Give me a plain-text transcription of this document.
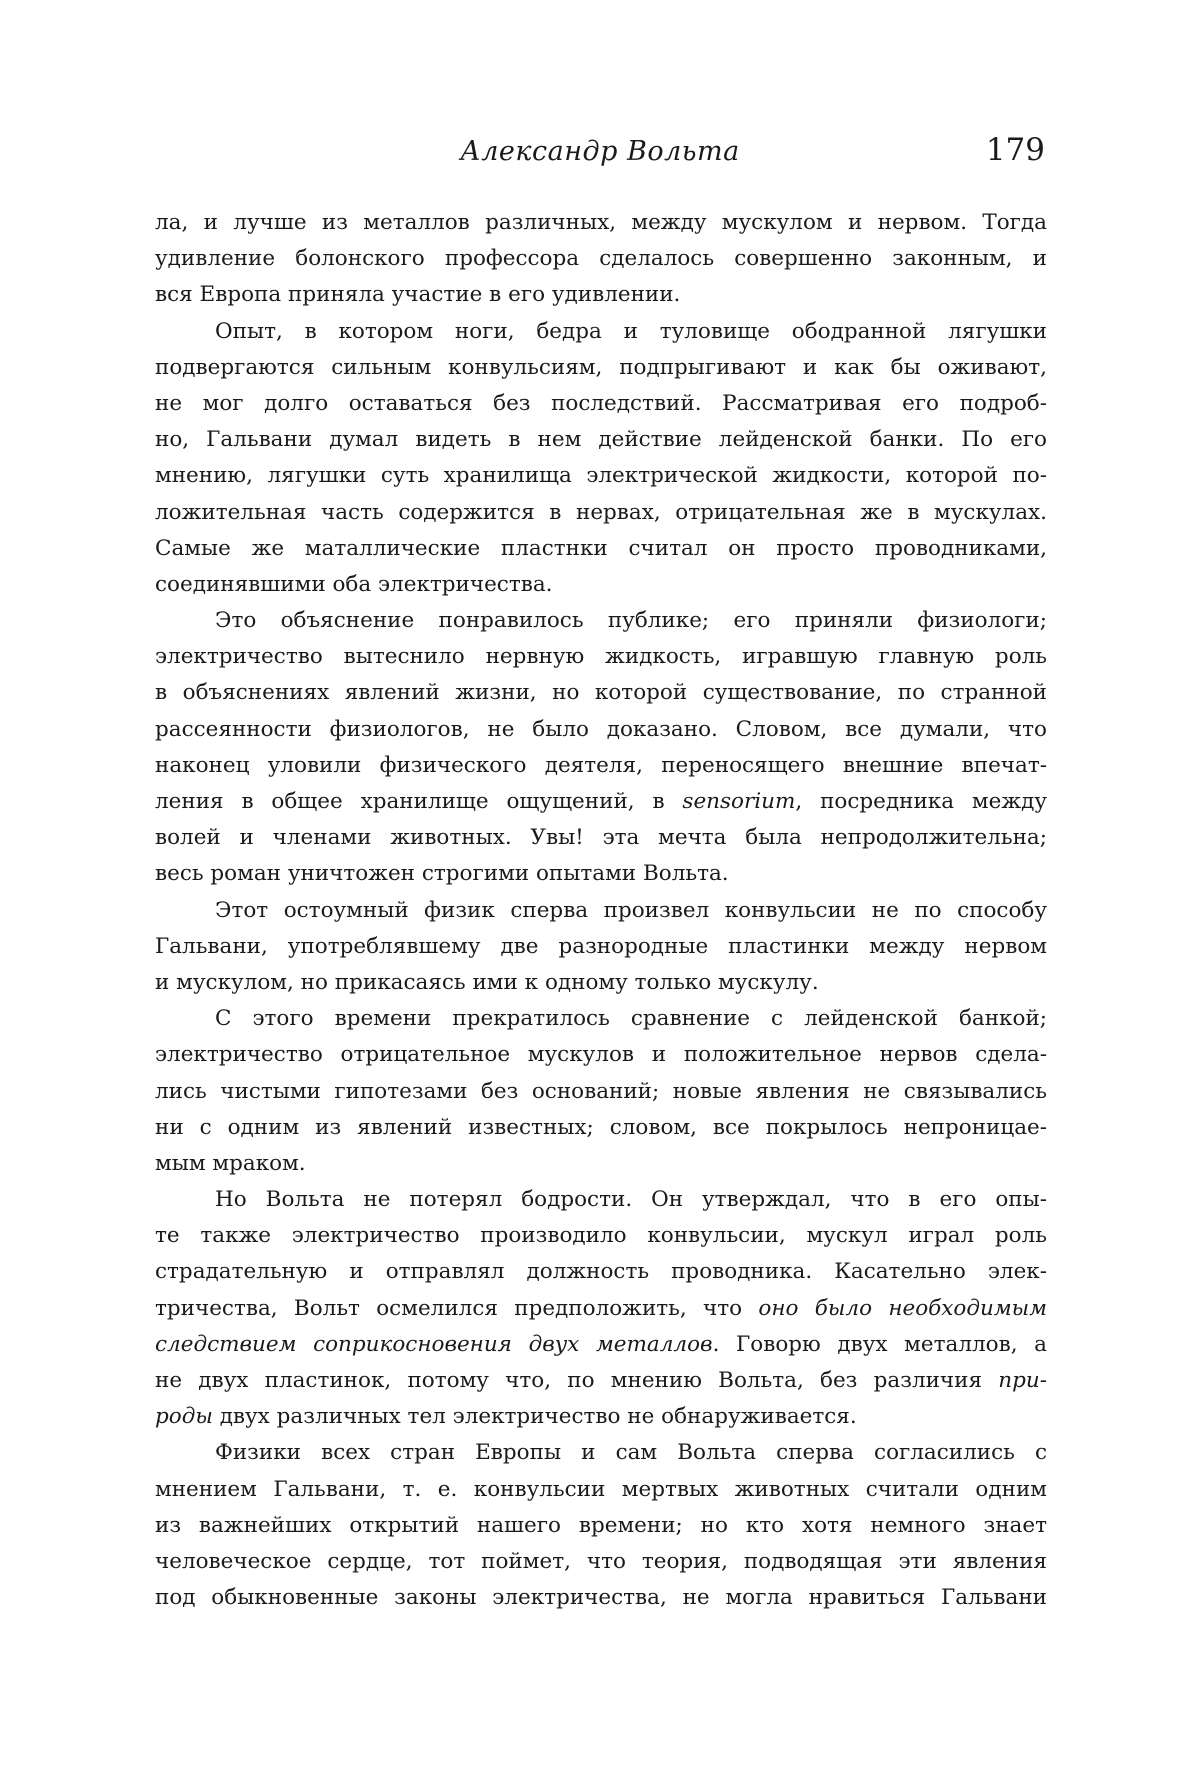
Александр Вольта	179
ла, и лучше из металлов различных, между мускулом и нервом. Тогда
удивление болонского профессора сделалось совершенно законным, и
вся Европа приняла участие в его удивлении.
Опыт, в котором ноги, бедра и туловище ободранной лягушки
подвергаются сильным конвульсиям, подпрыгивают и как бы оживают,
не мог долго оставаться без последствий. Рассматривая его подроб-
но, Гальвани думал видеть в нем действие лейденской банки. По его
мнению, лягушки суть хранилища электрической жидкости, которой по-
ложительная часть содержится в нервах, отрицательная же в мускулах.
Самые же маталлические пластнки считал он просто проводниками,
соединявшими оба электричества.
Это объяснение понравилось публике; его приняли физиологи;
электричество вытеснило нервную жидкость, игравшую главную роль
в объяснениях явлений жизни, но которой существование, по странной
рассеянности физиологов, не было доказано. Словом, все думали, что
наконец уловили физического деятеля, переносящего внешние впечат-
ления в общее хранилище ощущений, в sensorium, посредника между
волей и членами животных. Увы! эта мечта была непродолжительна;
весь роман уничтожен строгими опытами Вольта.
Этот остоумный физик сперва произвел конвульсии не по способу
Гальвани, употреблявшему две разнородные пластинки между нервом
и мускулом, но прикасаясь ими к одному только мускулу.
С этого времени прекратилось сравнение с лейденской банкой;
электричество отрицательное мускулов и положительное нервов сдела-
лись чистыми гипотезами без оснований; новые явления не связывались
ни с одним из явлений известных; словом, все покрылось непроницае-
мым мраком.
Но Вольта не потерял бодрости. Он утверждал, что в его опы-
те также электричество производило конвульсии, мускул играл роль
страдательную и отправлял должность проводника. Касательно элек-
тричества, Вольт осмелился предположить, что оно было необходимым
следствием соприкосновения двух металлов. Говорю двух металлов, а
не двух пластинок, потому что, по мнению Вольта, без различия при-
роды двух различных тел электричество не обнаруживается.
Физики всех стран Европы и сам Вольта сперва согласились с
мнением Гальвани, т. е. конвульсии мертвых животных считали одним
из важнейших открытий нашего времени; но кто хотя немного знает
человеческое сердце, тот поймет, что теория, подводящая эти явления
под обыкновенные законы электричества, не могла нравиться Гальвани
